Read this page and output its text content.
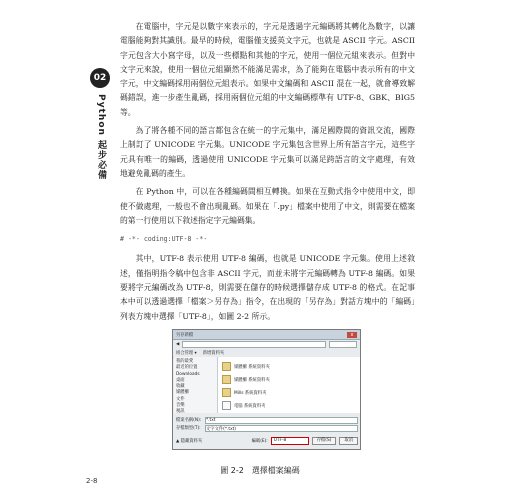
02
Python 起步必備

在電腦中，字元是以數字來表示的，字元是透過字元編碼將其轉化為數字，以讓電腦能夠對其識別。最早的時候，電腦僅支援英文字元，也就是 ASCII 字元。ASCII 字元包含大小寫字母，以及一些標點和其他的字元，使用一個位元組來表示。但對中文字元來說，使用一個位元組顯然不能滿足需求，為了能夠在電腦中表示所有的中文字元，中文編碼採用兩個位元組表示。如果中文編碼和 ASCII 混在一起，就會導致解碼錯誤，進一步產生亂碼，採用兩個位元組的中文編碼標準有 UTF-8、GBK、BIG5 等。

為了將各種不同的語言都包含在統一的字元集中，滿足國際間的資訊交流，國際上制訂了 UNICODE 字元集。UNICODE 字元集包含世界上所有語言字元，這些字元具有唯一的編碼，透過使用 UNICODE 字元集可以滿足跨語言的文字處理，有效地避免亂碼的產生。

在 Python 中，可以在各種編碼間相互轉換。如果在互動式指令中使用中文，即使不做處理，一般也不會出現亂碼。如果在「.py」檔案中使用了中文，則需要在檔案的第一行使用以下敘述指定字元編碼集。

# -*- coding:UTF-8 -*-

其中，UTF-8 表示使用 UTF-8 編碼，也就是 UNICODE 字元集。使用上述敘述，僅指明指令稿中包含非 ASCII 字元，而並未將字元編碼轉為 UTF-8 編碼。如果要將字元編碼改為 UTF-8，則需要在儲存的時候選擇儲存成 UTF-8 的格式。在記事本中可以透過選擇「檔案＞另存為」指令，在出現的「另存為」對話方塊中的「編碼」列表方塊中選擇「UTF-8」，如圖 2-2 所示。

另存新檔	x
◀
組合管理 ▾ 新增資料夾
我的最愛
最近的位置
Downloads
桌面
收藏
媒體櫃
文件
音樂
視訊
媒體櫃 系統資料夾
媒體櫃 系統資料夾
Mills 系統資料夾
電腦 系統資料夾
檔案名稱(N): *.txt
存檔類型(T):	文字文件(*.txt)
▲ 隱藏資料夾	編碼(E):	UTF-8	存檔(S)	取消
圖 2-2　選擇檔案編碼
2-8
